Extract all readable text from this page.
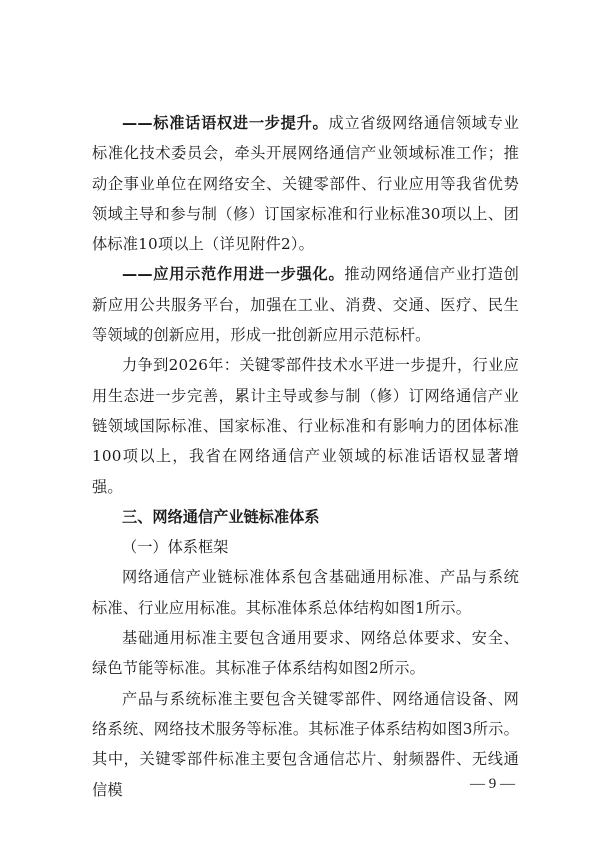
——标准话语权进一步提升。成立省级网络通信领域专业标准化技术委员会，牵头开展网络通信产业领域标准工作；推动企事业单位在网络安全、关键零部件、行业应用等我省优势领域主导和参与制（修）订国家标准和行业标准30项以上、团体标准10项以上（详见附件2）。

——应用示范作用进一步强化。推动网络通信产业打造创新应用公共服务平台，加强在工业、消费、交通、医疗、民生等领域的创新应用，形成一批创新应用示范标杆。

力争到2026年：关键零部件技术水平进一步提升，行业应用生态进一步完善，累计主导或参与制（修）订网络通信产业链领域国际标准、国家标准、行业标准和有影响力的团体标准100项以上，我省在网络通信产业领域的标准话语权显著增强。

三、网络通信产业链标准体系
（一）体系框架

网络通信产业链标准体系包含基础通用标准、产品与系统标准、行业应用标准。其标准体系总体结构如图1所示。

基础通用标准主要包含通用要求、网络总体要求、安全、绿色节能等标准。其标准子体系结构如图2所示。

产品与系统标准主要包含关键零部件、网络通信设备、网络系统、网络技术服务等标准。其标准子体系结构如图3所示。其中，关键零部件标准主要包含通信芯片、射频器件、无线通信模	— 9 —
